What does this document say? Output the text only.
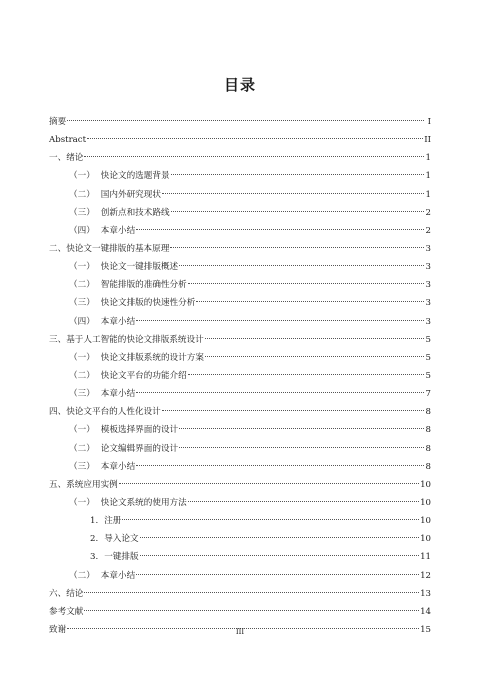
目录
摘要	I
Abstract	II
一、绪论	1
（一） 快论文的选题背景	1
（二） 国内外研究现状	1
（三） 创新点和技术路线	2
（四） 本章小结	2
二、快论文一键排版的基本原理	3
（一） 快论文一键排版概述	3
（二） 智能排版的准确性分析	3
（三） 快论文排版的快速性分析	3
（四） 本章小结	3
三、基于人工智能的快论文排版系统设计	5
（一） 快论文排版系统的设计方案	5
（二） 快论文平台的功能介绍	5
（三） 本章小结	7
四、快论文平台的人性化设计	8
（一） 模板选择界面的设计	8
（二） 论文编辑界面的设计	8
（三） 本章小结	8
五、系统应用实例	10
（一） 快论文系统的使用方法	10
1. 注册	10
2. 导入论文	10
3. 一键排版	11
（二） 本章小结	12
六、结论	13
参考文献	14
致谢	15
III
